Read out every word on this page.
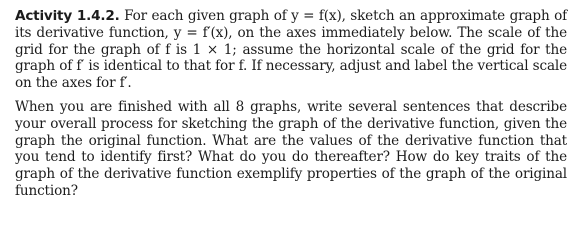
Activity 1.4.2. For each given graph of y = f(x), sketch an approximate graph of its derivative function, y = f′(x), on the axes immediately below. The scale of the grid for the graph of f is 1 × 1; assume the horizontal scale of the grid for the graph of f′ is identical to that for f. If necessary, adjust and label the vertical scale on the axes for f′.

When you are finished with all 8 graphs, write several sentences that describe your overall process for sketching the graph of the derivative function, given the graph the original function. What are the values of the derivative function that you tend to identify first? What do you do thereafter? How do key traits of the graph of the derivative function exemplify properties of the graph of the original function?
